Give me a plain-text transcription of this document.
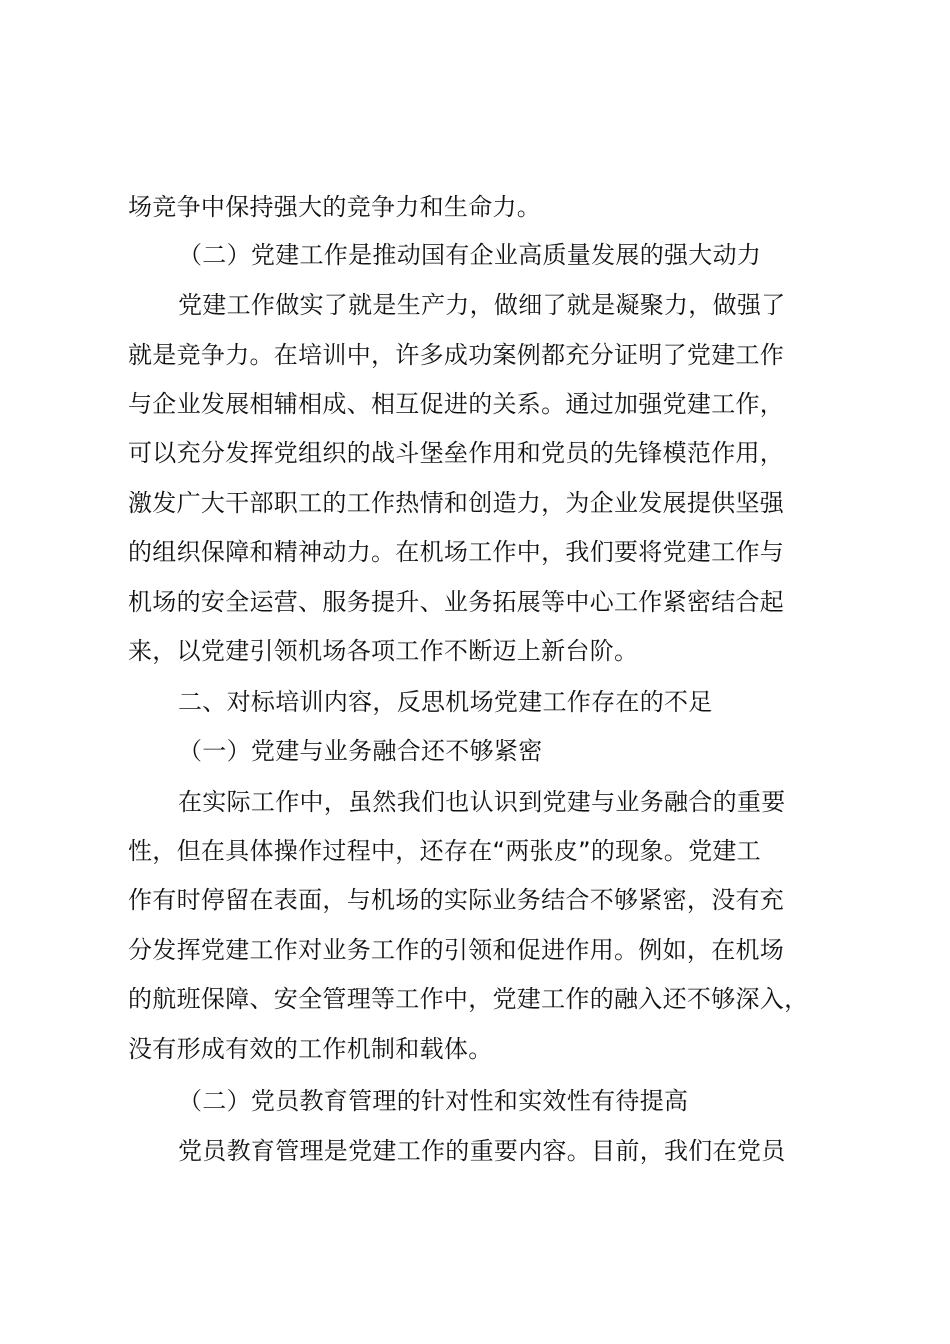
场竞争中保持强大的竞争力和生命力。
（二）党建工作是推动国有企业高质量发展的强大动力
党建工作做实了就是生产力，做细了就是凝聚力，做强了
就是竞争力。在培训中，许多成功案例都充分证明了党建工作
与企业发展相辅相成、相互促进的关系。通过加强党建工作，
可以充分发挥党组织的战斗堡垒作用和党员的先锋模范作用，
激发广大干部职工的工作热情和创造力，为企业发展提供坚强
的组织保障和精神动力。在机场工作中，我们要将党建工作与
机场的安全运营、服务提升、业务拓展等中心工作紧密结合起
来，以党建引领机场各项工作不断迈上新台阶。
二、对标培训内容，反思机场党建工作存在的不足
（一）党建与业务融合还不够紧密
在实际工作中，虽然我们也认识到党建与业务融合的重要
性，但在具体操作过程中，还存在“两张皮”的现象。党建工
作有时停留在表面，与机场的实际业务结合不够紧密，没有充
分发挥党建工作对业务工作的引领和促进作用。例如，在机场
的航班保障、安全管理等工作中，党建工作的融入还不够深入，
没有形成有效的工作机制和载体。
（二）党员教育管理的针对性和实效性有待提高
党员教育管理是党建工作的重要内容。目前，我们在党员
